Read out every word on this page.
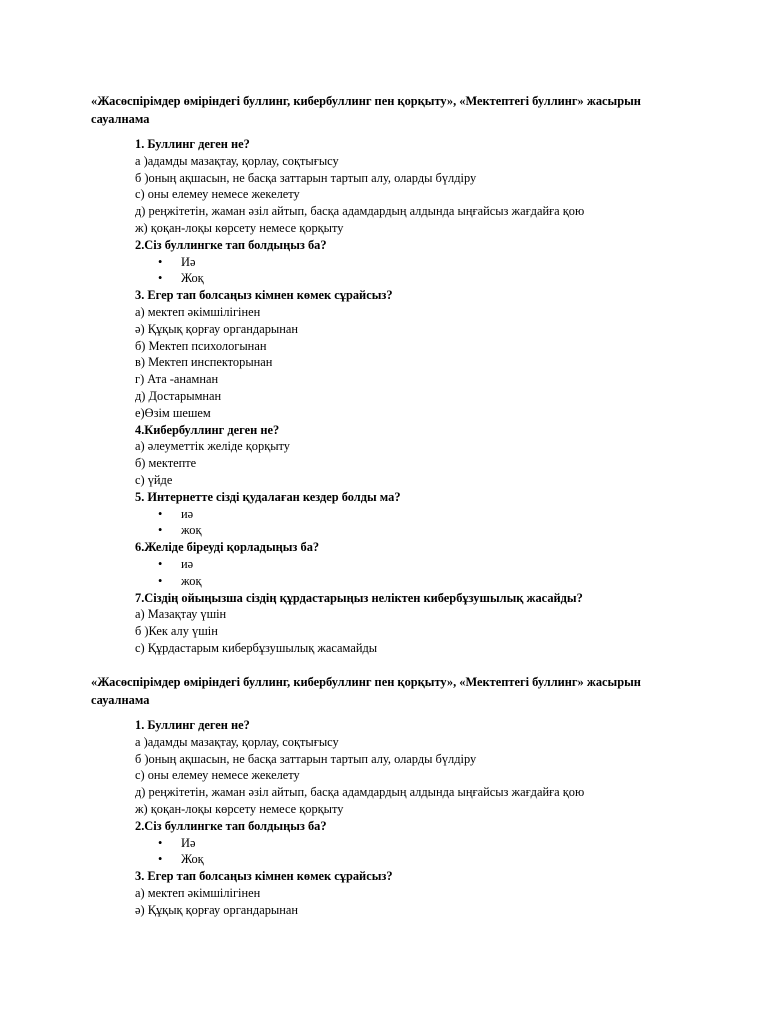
«Жасөспірімдер өміріндегі буллинг, кибербуллинг пен қорқыту», «Мектептегі буллинг» жасырын сауалнама
1. Буллинг деген не?
а )адамды мазақтау, қорлау, соқтығысу
б )оның ақшасын, не басқа заттарын тартып алу, оларды бүлдіру
с) оны елемеу немесе жекелету
д) реңжітетін, жаман әзіл айтып, басқа адамдардың алдында ыңғайсыз жағдайға қою
ж) қоқан-лоқы көрсету немесе қорқыту
2.Сіз буллингке тап болдыңыз ба?
• Иә
• Жоқ
3. Егер тап болсаңыз кімнен көмек сұрайсыз?
а) мектеп әкімшілігінен
ә) Құқық қорғау органдарынан
б) Мектеп психологынан
в) Мектеп инспекторынан
г) Ата -анамнан
д) Достарымнан
е)Өзім шешем
4.Кибербуллинг деген не?
а) әлеуметтік желіде қорқыту
б) мектепте
с) үйде
5. Интернетте сізді қудалаған кездер болды ма?
• иә
• жоқ
6.Желіде біреуді қорладыңыз ба?
• иә
• жоқ
7.Сіздің ойыңызша сіздің құрдастарыңыз неліктен кибербұзушылық жасайды?
а) Мазақтау үшін
б )Кек алу үшін
с) Құрдастарым кибербұзушылық жасамайды
«Жасөспірімдер өміріндегі буллинг, кибербуллинг пен қорқыту», «Мектептегі буллинг» жасырын сауалнама
1. Буллинг деген не?
а )адамды мазақтау, қорлау, соқтығысу
б )оның ақшасын, не басқа заттарын тартып алу, оларды бүлдіру
с) оны елемеу немесе жекелету
д) реңжітетін, жаман әзіл айтып, басқа адамдардың алдында ыңғайсыз жағдайға қою
ж) қоқан-лоқы көрсету немесе қорқыту
2.Сіз буллингке тап болдыңыз ба?
• Иә
• Жоқ
3. Егер тап болсаңыз кімнен көмек сұрайсыз?
а) мектеп әкімшілігінен
ә) Құқық қорғау органдарынан
